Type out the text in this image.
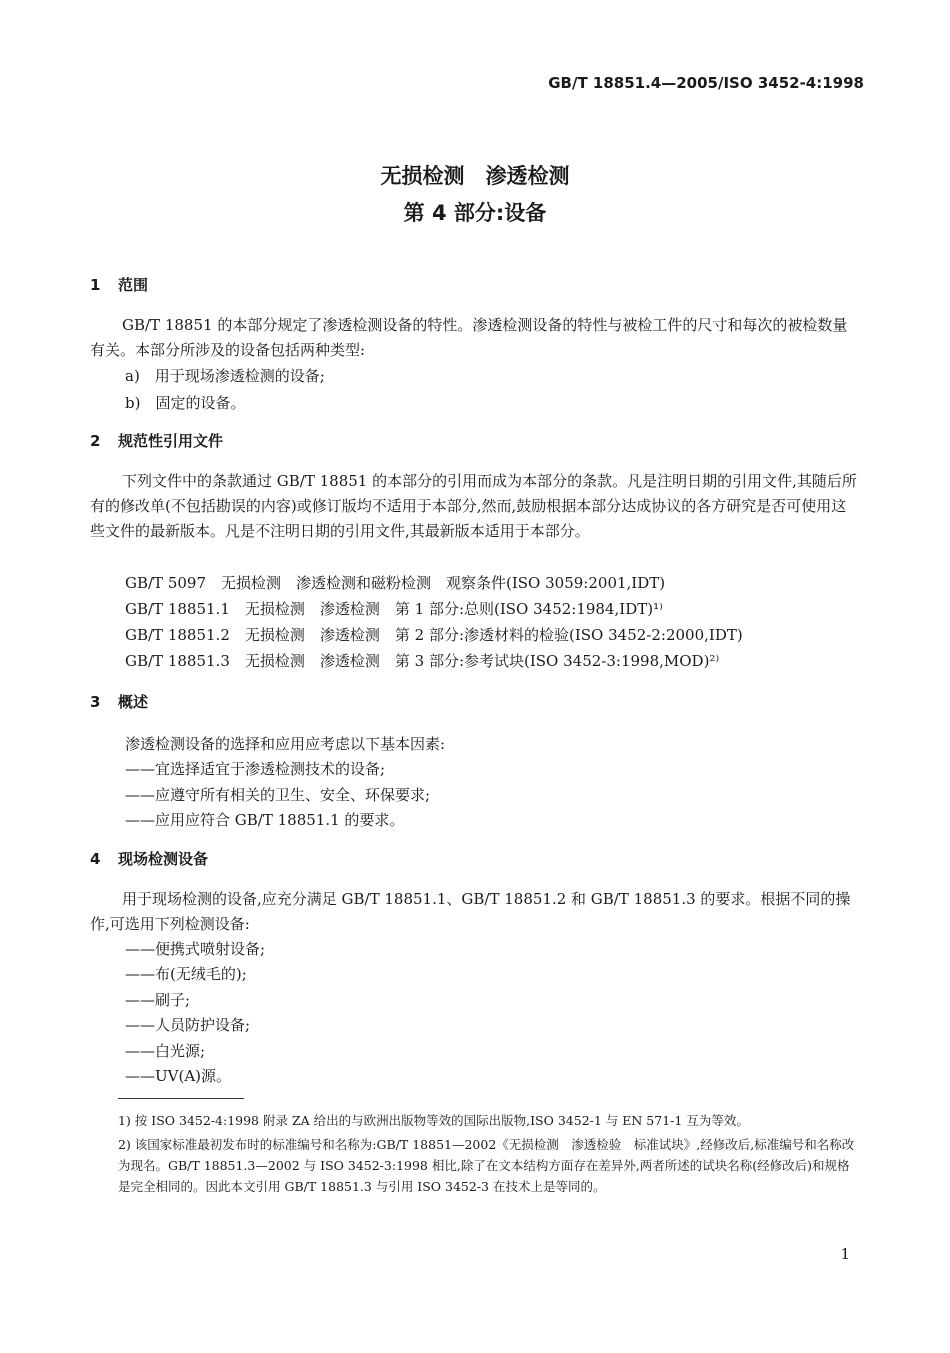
GB/T 18851.4—2005/ISO 3452-4:1998
无损检测　渗透检测
第 4 部分:设备
1 范围
GB/T 18851 的本部分规定了渗透检测设备的特性。渗透检测设备的特性与被检工件的尺寸和每次的被检数量有关。本部分所涉及的设备包括两种类型:
a)　用于现场渗透检测的设备;
b)　固定的设备。
2 规范性引用文件
下列文件中的条款通过 GB/T 18851 的本部分的引用而成为本部分的条款。凡是注明日期的引用文件,其随后所有的修改单(不包括勘误的内容)或修订版均不适用于本部分,然而,鼓励根据本部分达成协议的各方研究是否可使用这些文件的最新版本。凡是不注明日期的引用文件,其最新版本适用于本部分。
GB/T 5097　无损检测　渗透检测和磁粉检测　观察条件(ISO 3059:2001,IDT)
GB/T 18851.1　无损检测　渗透检测　第 1 部分:总则(ISO 3452:1984,IDT)¹⁾
GB/T 18851.2　无损检测　渗透检测　第 2 部分:渗透材料的检验(ISO 3452-2:2000,IDT)
GB/T 18851.3　无损检测　渗透检测　第 3 部分:参考试块(ISO 3452-3:1998,MOD)²⁾
3 概述
渗透检测设备的选择和应用应考虑以下基本因素:
——宜选择适宜于渗透检测技术的设备;
——应遵守所有相关的卫生、安全、环保要求;
——应用应符合 GB/T 18851.1 的要求。
4 现场检测设备
用于现场检测的设备,应充分满足 GB/T 18851.1、GB/T 18851.2 和 GB/T 18851.3 的要求。根据不同的操作,可选用下列检测设备:
——便携式喷射设备;
——布(无绒毛的);
——刷子;
——人员防护设备;
——白光源;
——UV(A)源。
1) 按 ISO 3452-4:1998 附录 ZA 给出的与欧洲出版物等效的国际出版物,ISO 3452-1 与 EN 571-1 互为等效。
2) 该国家标准最初发布时的标准编号和名称为:GB/T 18851—2002《无损检测　渗透检验　标准试块》,经修改后,标准编号和名称改为现名。GB/T 18851.3—2002 与 ISO 3452-3:1998 相比,除了在文本结构方面存在差异外,两者所述的试块名称(经修改后)和规格是完全相同的。因此本文引用 GB/T 18851.3 与引用 ISO 3452-3 在技术上是等同的。
1
